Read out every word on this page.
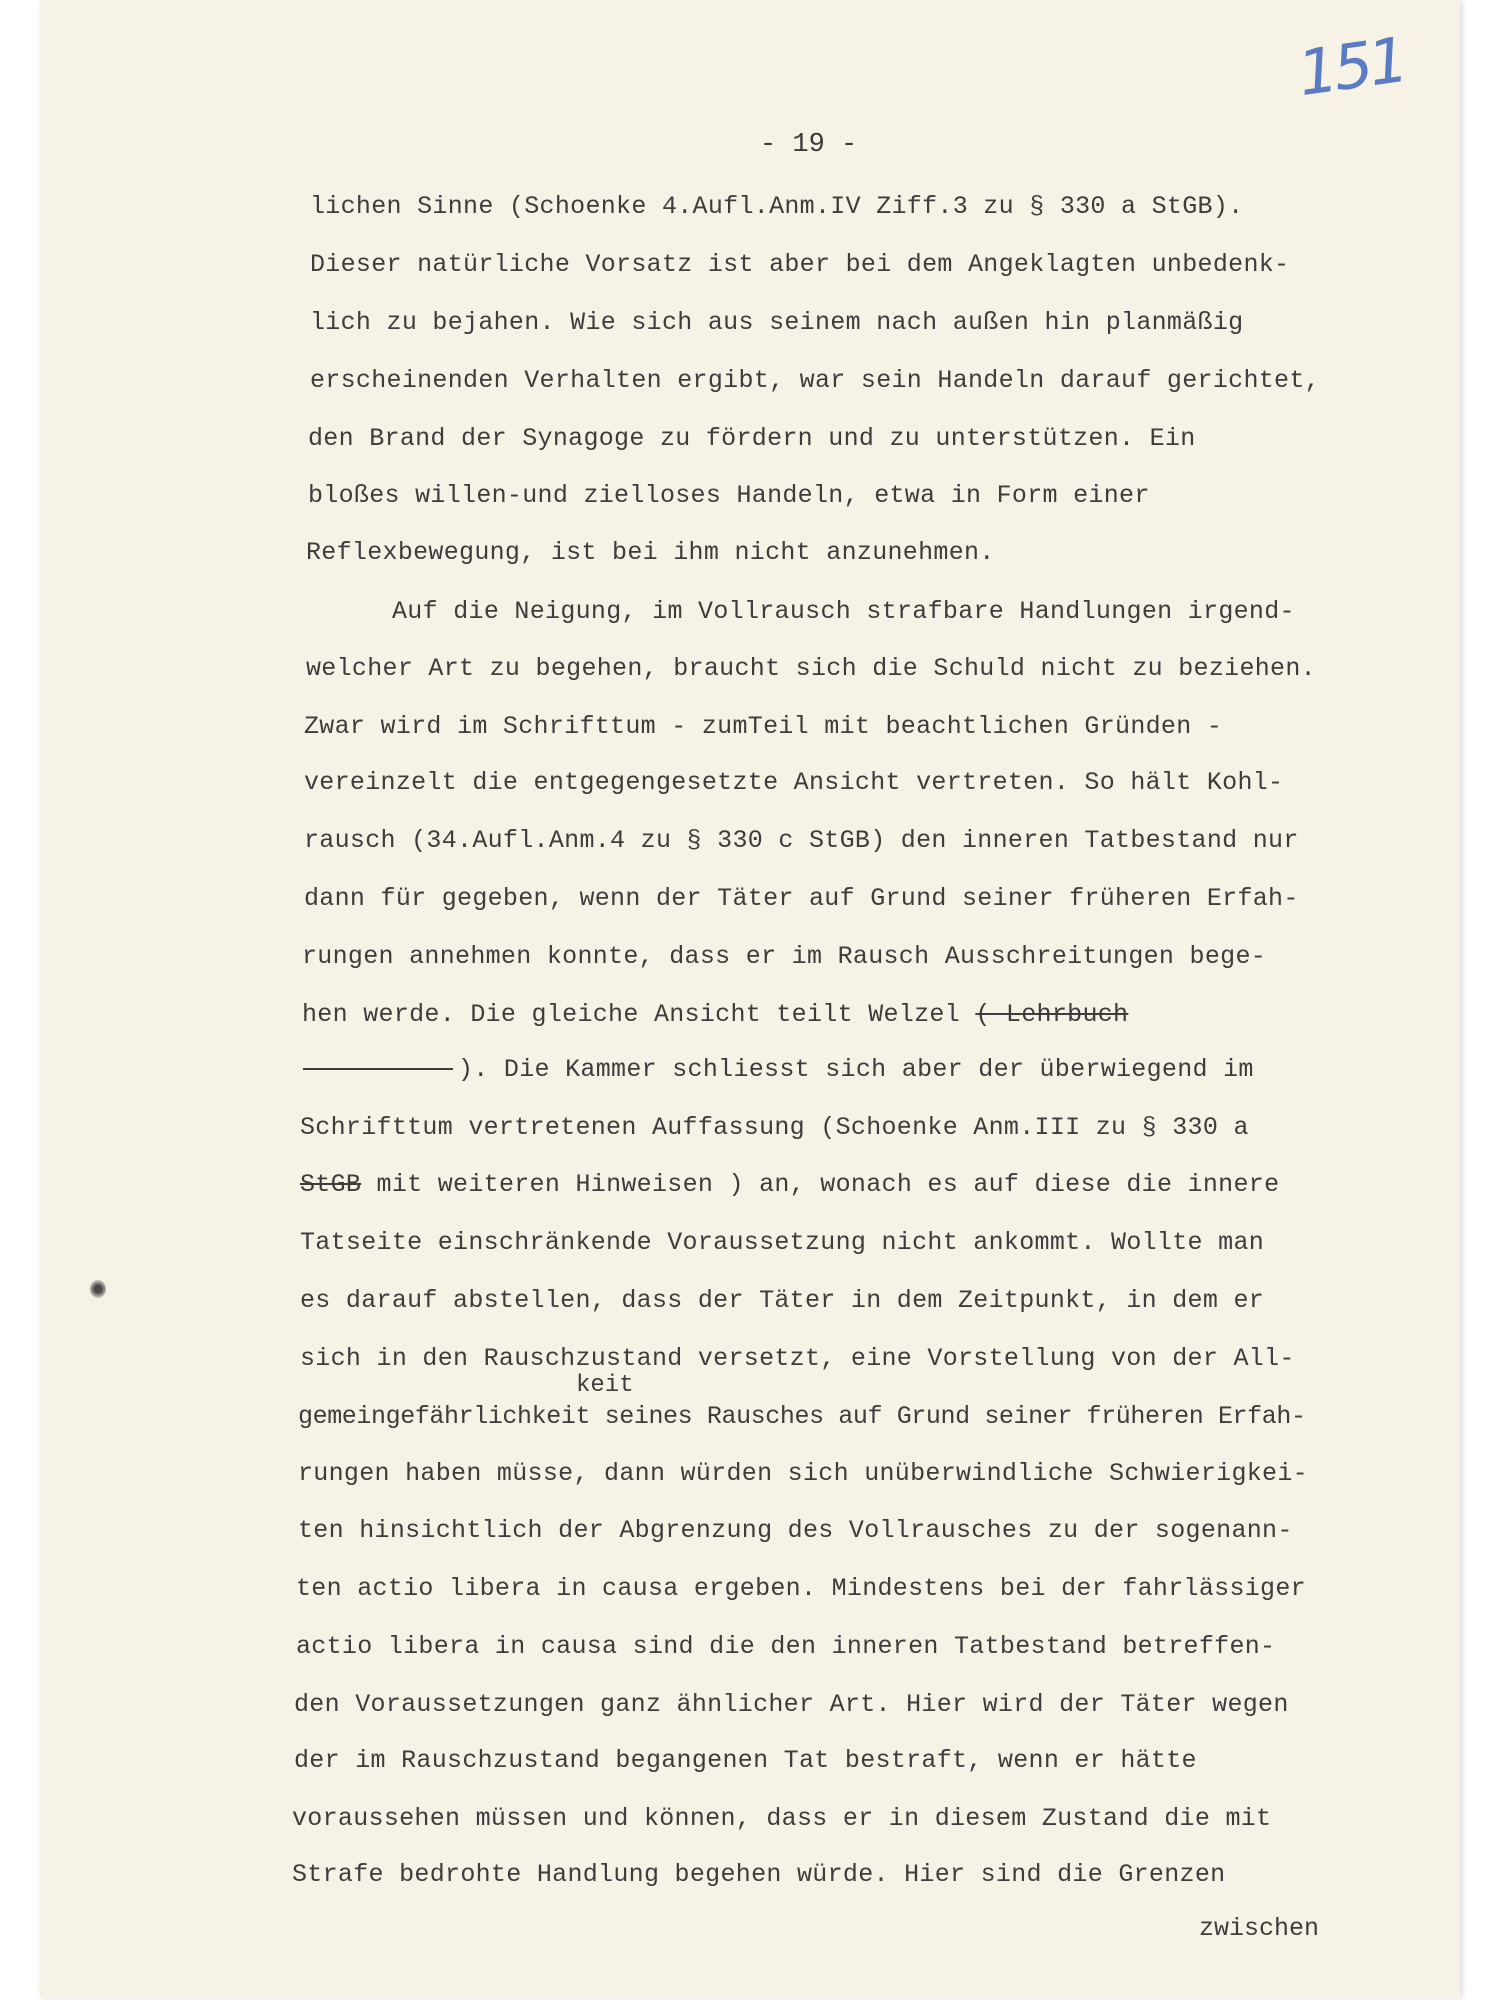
151
- 19 -
lichen Sinne (Schoenke 4.Aufl.Anm.IV Ziff.3 zu § 330 a StGB).
Dieser natürliche Vorsatz ist aber bei dem Angeklagten unbedenk-
lich zu bejahen. Wie sich aus seinem nach außen hin planmäßig
erscheinenden Verhalten ergibt, war sein Handeln darauf gerichtet,
den Brand der Synagoge zu fördern und zu unterstützen. Ein
bloßes willen-und zielloses Handeln, etwa in Form einer
Reflexbewegung, ist bei ihm nicht anzunehmen.
Auf die Neigung, im Vollrausch strafbare Handlungen irgend-
welcher Art zu begehen, braucht sich die Schuld nicht zu beziehen.
Zwar wird im Schrifttum - zumTeil mit beachtlichen Gründen -
vereinzelt die entgegengesetzte Ansicht vertreten. So hält Kohl-
rausch (34.Aufl.Anm.4 zu § 330 c StGB) den inneren Tatbestand nur
dann für gegeben, wenn der Täter auf Grund seiner früheren Erfah-
rungen annehmen konnte, dass er im Rausch Ausschreitungen bege-
hen werde. Die gleiche Ansicht teilt Welzel ( Lehrbuch
). Die Kammer schliesst sich aber der überwiegend im
Schrifttum vertretenen Auffassung (Schoenke Anm.III zu § 330 a
StGB mit weiteren Hinweisen ) an, wonach es auf diese die innere
Tatseite einschränkende Voraussetzung nicht ankommt. Wollte man
es darauf abstellen, dass der Täter in dem Zeitpunkt, in dem er
sich in den Rauschzustand versetzt, eine Vorstellung von der All-
keit
gemeingefährlichkeit seines Rausches auf Grund seiner früheren Erfah-
rungen haben müsse, dann würden sich unüberwindliche Schwierigkei-
ten hinsichtlich der Abgrenzung des Vollrausches zu der sogenann-
ten actio libera in causa ergeben. Mindestens bei der fahrlässiger
actio libera in causa sind die den inneren Tatbestand betreffen-
den Voraussetzungen ganz ähnlicher Art. Hier wird der Täter wegen
der im Rauschzustand begangenen Tat bestraft, wenn er hätte
voraussehen müssen und können, dass er in diesem Zustand die mit
Strafe bedrohte Handlung begehen würde. Hier sind die Grenzen
zwischen
